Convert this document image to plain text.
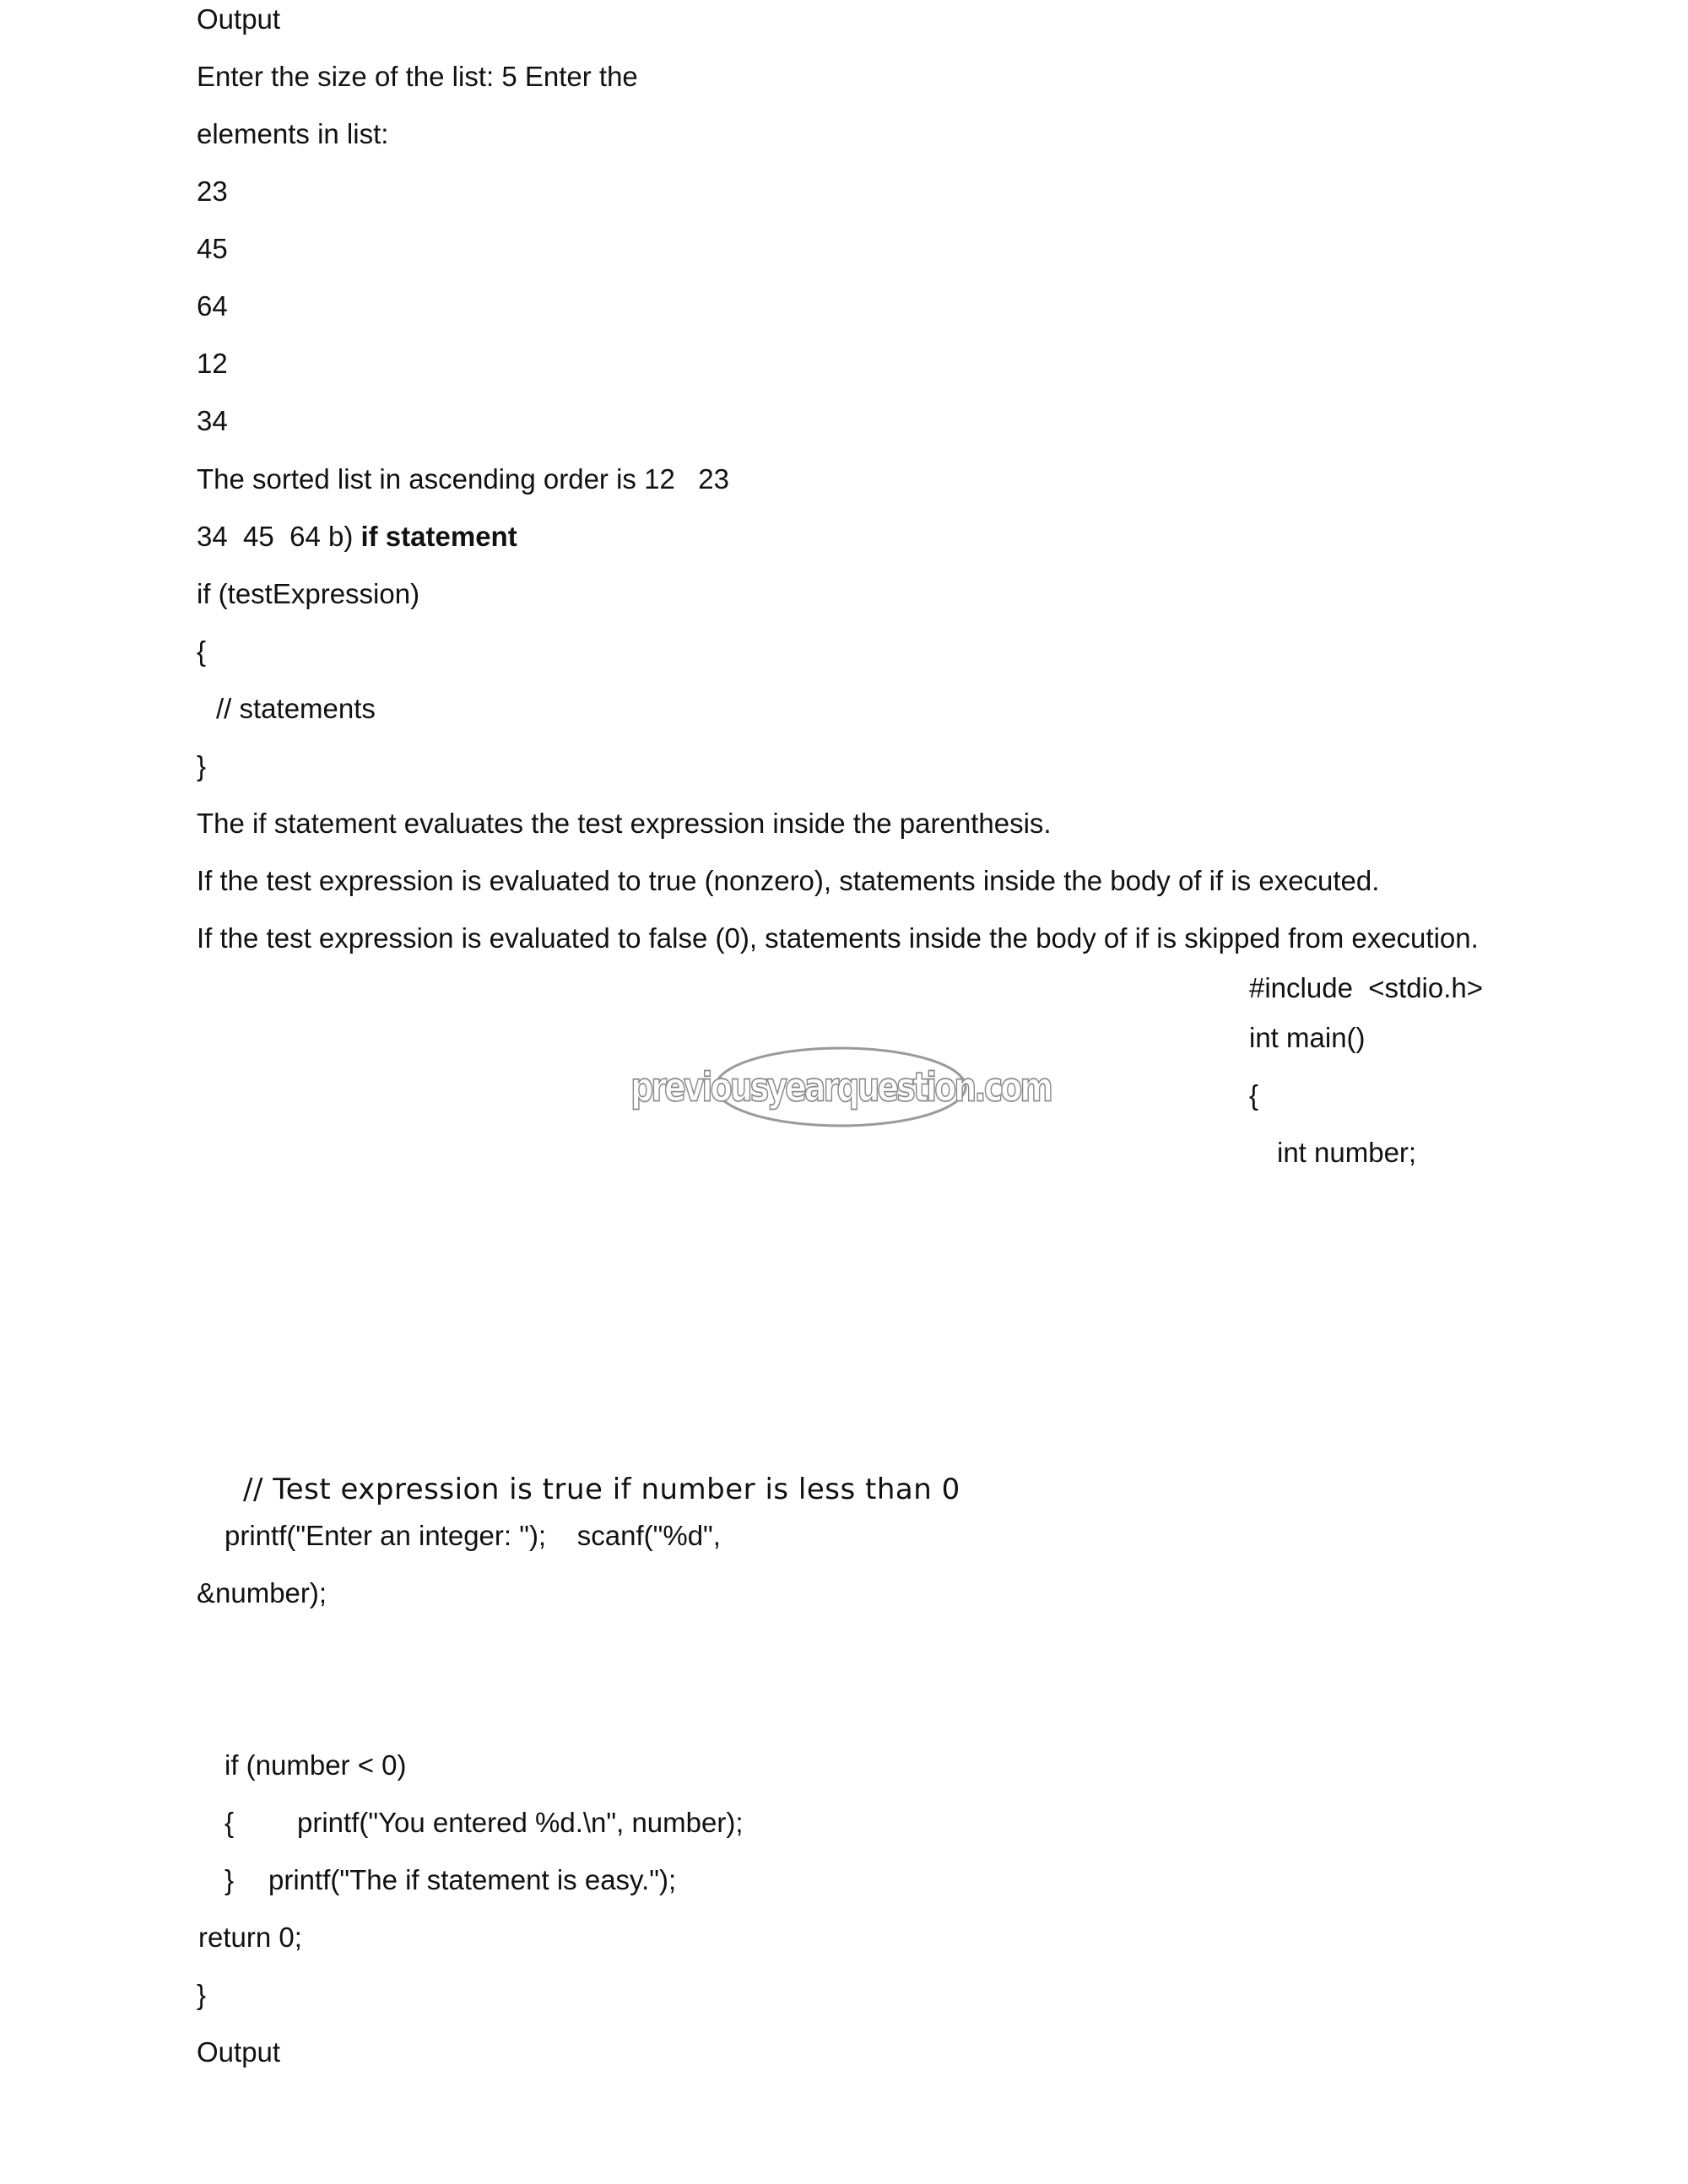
Output
Enter the size of the list: 5 Enter the
elements in list:
23
45
64
12
34
The sorted list in ascending order is 12   23
34  45  64 b) if statement
if (testExpression)
{
// statements
}
The if statement evaluates the test expression inside the parenthesis.
If the test expression is evaluated to true (nonzero), statements inside the body of if is executed.
If the test expression is evaluated to false (0), statements inside the body of if is skipped from execution.
#include  <stdio.h>
int main()
{
int number;
previousyearquestion.com
// Test expression is true if number is less than 0
printf("Enter an integer: ");    scanf("%d",
&number);
if (number < 0)
{ printf("You entered %d.\n", number);
} printf("The if statement is easy.");
return 0;
}
Output
